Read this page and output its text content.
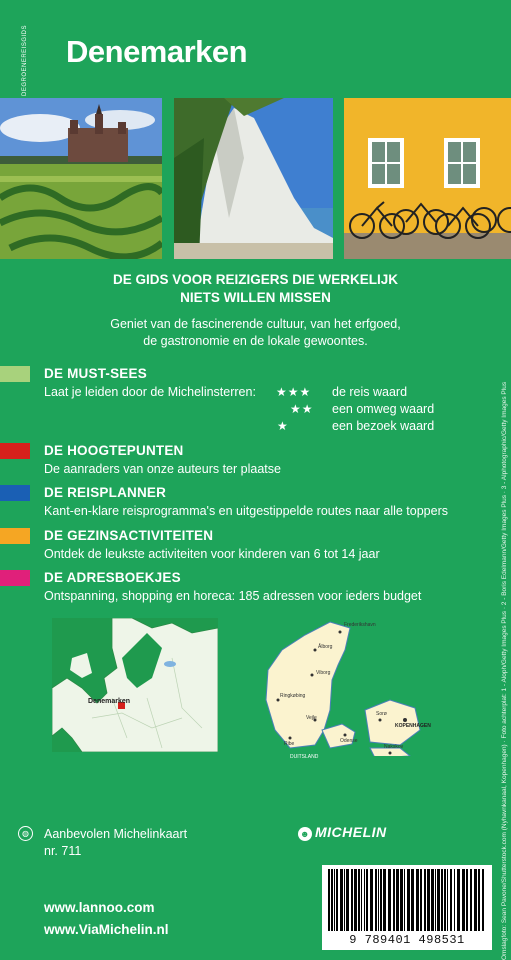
DEGROENEREISGIDS Denemarken
DE GIDS VOOR REIZIGERS DIE WERKELIJK
NIETS WILLEN MISSEN
Geniet van de fascinerende cultuur, van het erfgoed,
de gastronomie en de lokale gewoontes.
DE MUST-SEES
Laat je leiden door de Michelinsterren: ★★★ de reis waard
★★ een omweg waard
★	een bezoek waard
DE HOOGTEPUNTEN
De aanraders van onze auteurs ter plaatse
DE REISPLANNER
Kant-en-klare reisprogramma's en uitgestippelde routes naar alle toppers
DE GEZINSACTIVITEITEN
Ontdek de leukste activiteiten voor kinderen van 6 tot 14 jaar
DE ADRESBOEKJES
Ontspanning, shopping en horeca: 185 adressen voor ieders budget
Denemarken
Frederikshavn
Ålborg
Viborg
Ringkøbing
Vejle
Ribe	Odense
Sorø
KOPENHAGEN
Nakskov
DUITSLAND
☻ MICHELIN
◍	Aanbevolen Michelinkaart
nr. 711
www.lannoo.com
www.ViaMichelin.nl
9 789401 498531	Omslagfoto: Sean Pavone/Shutterstock.com (Nyhavnkanaal, Kopenhagen) · Foto achterplat: 1 - Aloph/Getty Images Plus · 2 - Boris Edelmann/Getty Images Plus · 3 - Alphotographic/Getty Images Plus
